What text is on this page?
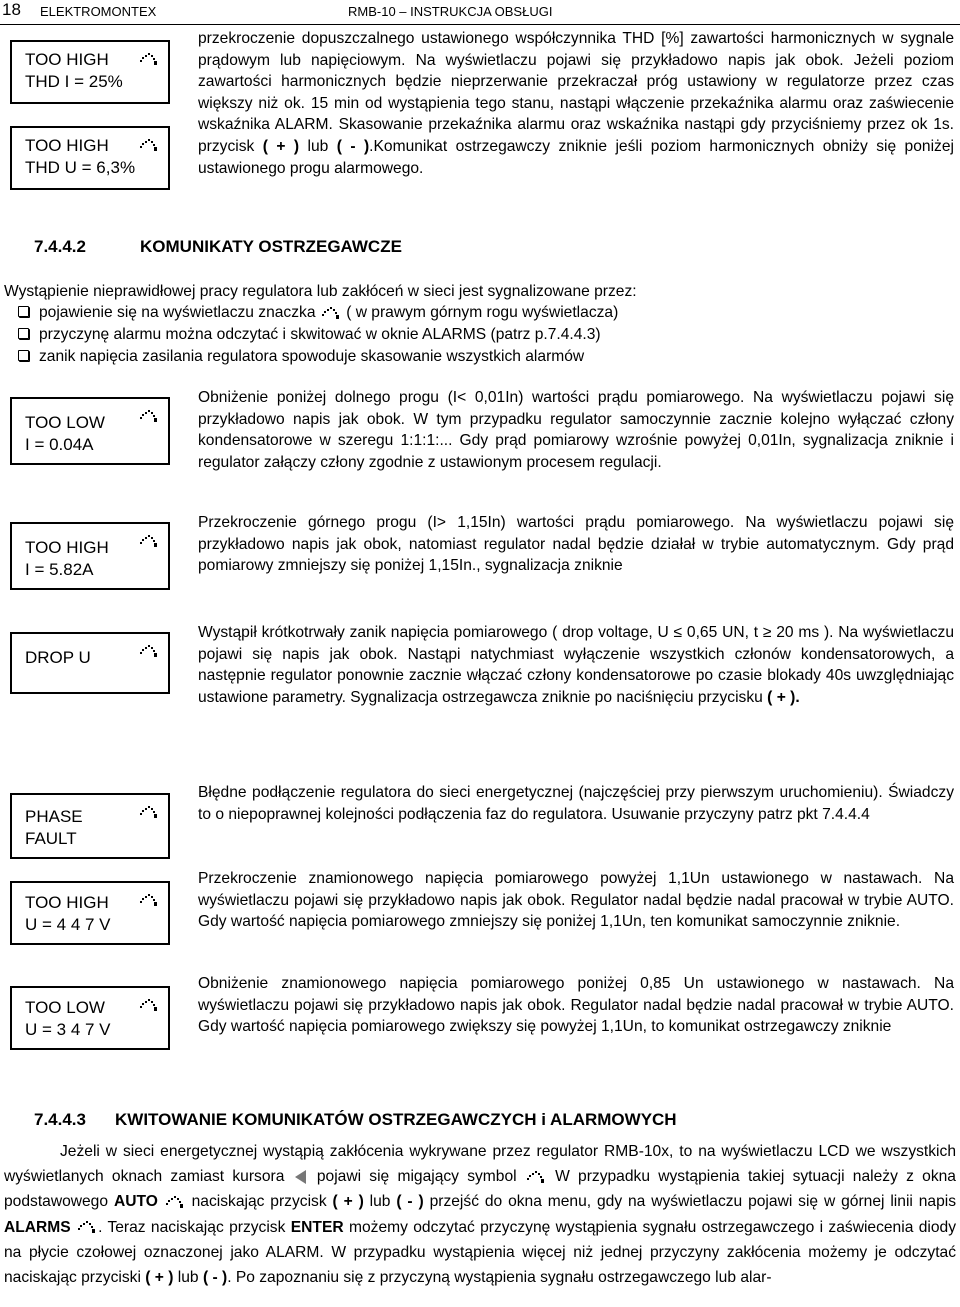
18 ELEKTROMONTEX	RMB-10 – INSTRUKCJA OBSŁUGI
TOO HIGH
THD I = 25%
TOO HIGH
THD U = 6,3%
przekroczenie dopuszczalnego ustawionego współczynnika THD [%] zawartości harmonicznych w sygnale prądowym lub napięciowym. Na wyświetlaczu pojawi się przykładowo napis jak obok. Jeżeli poziom zawartości harmonicznych będzie nieprzerwanie przekraczał próg ustawiony w regulatorze przez czas większy niż ok. 15 min od wystąpienia tego stanu, nastąpi włączenie przekaźnika alarmu oraz zaświecenie wskaźnika ALARM. Skasowanie przekaźnika alarmu oraz wskaźnika nastąpi gdy przyciśniemy przez ok 1s. przycisk ( + ) lub ( - ).Komunikat ostrzegawczy zniknie jeśli poziom harmonicznych obniży się poniżej ustawionego progu alarmowego.
7.4.4.2	KOMUNIKATY OSTRZEGAWCZE
Wystąpienie nieprawidłowej pracy regulatora lub zakłóceń w sieci jest sygnalizowane przez:
pojawienie się na wyświetlaczu znaczka ( w prawym górnym rogu wyświetlacza)
przyczynę alarmu można odczytać i skwitować w oknie ALARMS (patrz p.7.4.4.3)
zanik napięcia zasilania regulatora spowoduje skasowanie wszystkich alarmów
TOO LOW
I = 0.04A
Obniżenie poniżej dolnego progu (I< 0,01In) wartości prądu pomiarowego. Na wyświetlaczu pojawi się przykładowo napis jak obok. W tym przypadku regulator samoczynnie zacznie kolejno wyłączać człony kondensatorowe w szeregu 1:1:1:... Gdy prąd pomiarowy wzrośnie powyżej 0,01In, sygnalizacja zniknie i regulator załączy człony zgodnie z ustawionym procesem regulacji.
TOO HIGH
I = 5.82A
Przekroczenie górnego progu (I> 1,15In) wartości prądu pomiarowego. Na wyświetlaczu pojawi się przykładowo napis jak obok, natomiast regulator nadal będzie działał w trybie automatycznym. Gdy prąd pomiarowy zmniejszy się poniżej 1,15In., sygnalizacja zniknie
DROP U
Wystąpił krótkotrwały zanik napięcia pomiarowego ( drop voltage, U ≤ 0,65 UN, t ≥ 20 ms ). Na wyświetlaczu pojawi się napis jak obok. Nastąpi natychmiast wyłączenie wszystkich członów kondensatorowych, a następnie regulator ponownie zacznie włączać człony kondensatorowe po czasie blokady 40s uwzględniając ustawione parametry. Sygnalizacja ostrzegawcza zniknie po naciśnięciu przycisku ( + ).
PHASE
FAULT
Błędne podłączenie regulatora do sieci energetycznej (najczęściej przy pierwszym uruchomieniu). Świadczy to o niepoprawnej kolejności podłączenia faz do regulatora. Usuwanie przyczyny patrz pkt 7.4.4.4
TOO HIGH
U = 4 4 7 V
Przekroczenie znamionowego napięcia pomiarowego powyżej 1,1Un ustawionego w nastawach. Na wyświetlaczu pojawi się przykładowo napis jak obok. Regulator nadal będzie nadal pracował w trybie AUTO. Gdy wartość napięcia pomiarowego zmniejszy się poniżej 1,1Un, ten komunikat samoczynnie zniknie.
TOO LOW
U = 3 4 7 V
Obniżenie znamionowego napięcia pomiarowego poniżej 0,85 Un ustawionego w nastawach. Na wyświetlaczu pojawi się przykładowo napis jak obok. Regulator nadal będzie nadal pracował w trybie AUTO. Gdy wartość napięcia pomiarowego zwiększy się powyżej 1,1Un, to komunikat ostrzegawczy zniknie
7.4.4.3 KWITOWANIE KOMUNIKATÓW OSTRZEGAWCZYCH i ALARMOWYCH
Jeżeli w sieci energetycznej wystąpią zakłócenia wykrywane przez regulator RMB-10x, to na wyświetlaczu LCD we wszystkich wyświetlanych oknach zamiast kursora pojawi się migający symbol W przypadku wystąpienia takiej sytuacji należy z okna podstawowego AUTO naciskając przycisk ( + ) lub ( - ) przejść do okna menu, gdy na wyświetlaczu pojawi się w górnej linii napis ALARMS . Teraz naciskając przycisk ENTER możemy odczytać przyczynę wystąpienia sygnału ostrzegawczego i zaświecenia diody na płycie czołowej oznaczonej jako ALARM. W przypadku wystąpienia więcej niż jednej przyczyny zakłócenia możemy je odczytać naciskając przyciski ( + ) lub ( - ). Po zapoznaniu się z przyczyną wystąpienia sygnału ostrzegawczego lub alar-
